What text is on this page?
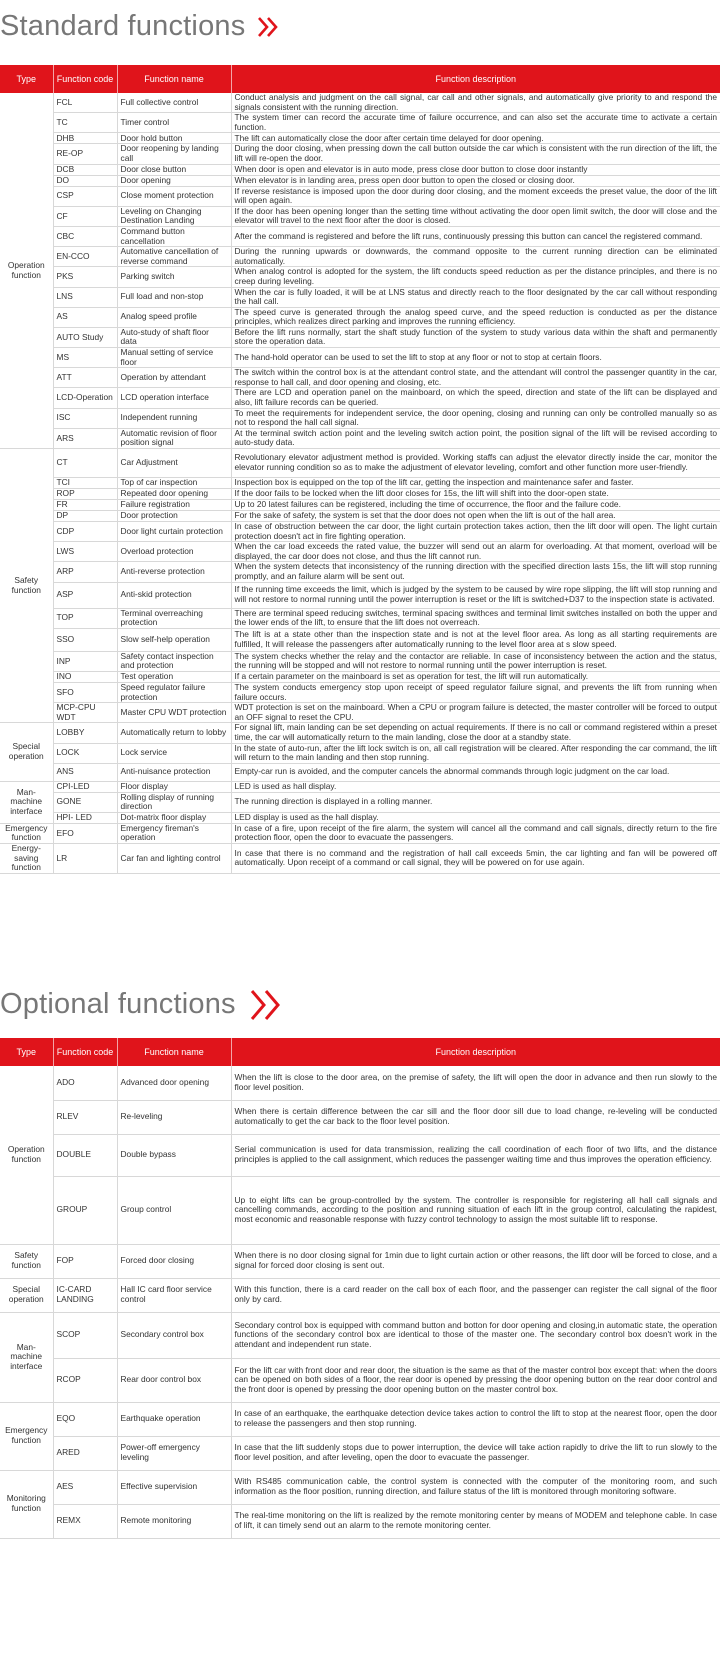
Standard functions
Type	Function code	Function name	Function description
Operation function	FCL	Full collective control	Conduct analysis and judgment on the call signal, car call and other signals, and automatically give priority to and respond the signals consistent with the running direction.
	TC	Timer control	The system timer can record the accurate time of failure occurrence, and can also set the accurate time to activate a certain function.
	DHB	Door hold button	The lift can automatically close the door after certain time delayed for door opening.
	RE-OP	Door reopening by landing call	During the door closing, when pressing down the call button outside the car which is consistent with the run direction of the lift, the lift will re-open the door.
	DCB	Door close button	When door is open and elevator is in auto mode, press close door button to close door instantly
	DO	Door opening	When elevator is in landing area, press open door button to open the closed or closing door.
	CSP	Close moment protection	If reverse resistance is imposed upon the door during door closing, and the moment exceeds the preset value, the door of the lift will open again.
	CF	Leveling on Changing Destination Landing	If the door has been opening longer than the setting time without activating the door open limit switch, the door will close and the elevator will travel to the next floor after the door is closed.
	CBC	Command button cancellation	After the command is registered and before the lift runs, continuously pressing this button can cancel the registered command.
	EN-CCO	Automative cancellation of reverse command	During the running upwards or downwards, the command opposite to the current running direction can be eliminated automatically.
	PKS	Parking switch	When analog control is adopted for the system, the lift conducts speed reduction as per the distance principles, and there is no creep during leveling.
	LNS	Full load and non-stop	When the car is fully loaded, it will be at LNS status and directly reach to the floor designated by the car call without responding the hall call.
	AS	Analog speed profile	The speed curve is generated through the analog speed curve, and the speed reduction is conducted as per the distance principles, which realizes direct parking and improves the running efficiency.
	AUTO Study	Auto-study of shaft floor data	Before the lift runs normally, start the shaft study function of the system to study various data within the shaft and permanently store the operation data.
	MS	Manual setting of service floor	The hand-hold operator can be used to set the lift to stop at any floor or not to stop at certain floors.
	ATT	Operation by attendant	The switch within the control box is at the attendant control state, and the attendant will control the passenger quantity in the car, response to hall call, and door opening and closing, etc.
	LCD-Operation	LCD operation interface	There are LCD and operation panel on the mainboard, on which the speed, direction and state of the lift can be displayed and also, lift failure records can be queried.
	ISC	Independent running	To meet the requirements for independent service, the door opening, closing and running can only be controlled manually so as not to respond the hall call signal.
	ARS	Automatic revision of floor position signal	At the terminal switch action point and the leveling switch action point, the position signal of the lift will be revised according to auto-study data.
Safety function	CT	Car Adjustment	Revolutionary elevator adjustment method is provided. Working staffs can adjust the elevator directly inside the car, monitor the elevator running condition so as to make the adjustment of elevator leveling, comfort and other function more user-friendly.
	TCI	Top of car inspection	Inspection box is equipped on the top of the lift car, getting the inspection and maintenance safer and faster.
	ROP	Repeated door opening	If the door fails to be locked when the lift door closes for 15s, the lift will shift into the door-open state.
	FR	Failure registration	Up to 20 latest failures can be registered, including the time of occurrence, the floor and the failure code.
	DP	Door protection	For the sake of safety, the system is set that the door does not open when the lift is out of the hall area.
	CDP	Door light curtain protection	In case of obstruction between the car door, the light curtain protection takes action, then the lift door will open. The light curtain protection doesn't act in fire fighting operation.
	LWS	Overload protection	When the car load exceeds the rated value, the buzzer will send out an alarm for overloading. At that moment, overload will be displayed, the car door does not close, and thus the lift cannot run.
	ARP	Anti-reverse protection	When the system detects that inconsistency of the running direction with the specified direction lasts 15s, the lift will stop running promptly, and an failure alarm will be sent out.
	ASP	Anti-skid protection	If the running time exceeds the limit, which is judged by the system to be caused by wire rope slipping, the lift will stop running and will not restore to normal running until the power interruption is reset or the lift is switched+D37 to the inspection state is activated.
	TOP	Terminal overreaching protection	There are terminal speed reducing switches, terminal spacing swithces and terminal limit switches installed on both the upper and the lower ends of the lift, to ensure that the lift does not overreach.
	SSO	Slow self-help operation	The lift is at a state other than the inspection state and is not at the level floor area. As long as all starting requirements are fulfilled, It will release the passengers after automatically running to the level floor area at s slow speed.
	INP	Safety contact inspection and protection	The system checks whether the relay and the contactor are reliable. In case of inconsistency between the action and the status, the running will be stopped and will not restore to normal running until the power interruption is reset.
	INO	Test operation	If a certain parameter on the mainboard is set as operation for test, the lift will run automatically.
	SFO	Speed regulator failure protection	The system conducts emergency stop upon receipt of speed regulator failure signal, and prevents the lift from running when failure occurs.
	MCP-CPU WDT	Master CPU WDT protection	WDT protection is set on the mainboard. When a CPU or program failure is detected, the master controller will be forced to output an OFF signal to reset the CPU.
Special operation	LOBBY	Automatically return to lobby	For signal lift, main landing can be set depending on actual requirements. If there is no call or command registered within a preset time, the car will automatically return to the main landing, close the door at a standby state.
	LOCK	Lock service	In the state of auto-run, after the lift lock switch is on, all call registration will be cleared. After responding the car command, the lift will return to the main landing and then stop running.
	ANS	Anti-nuisance protection	Empty-car run is avoided, and the computer cancels the abnormal commands through logic judgment on the car load.
Man-machine interface	CPI-LED	Floor display	LED is used as hall display.
	GONE	Rolling display of running direction	The running direction is displayed in a rolling manner.
	HPI- LED	Dot-matrix floor display	LED display is used as the hall display.
Emergency function	EFO	Emergency fireman's operation	In case of a fire, upon receipt of the fire alarm, the system will cancel all the command and call signals, directly return to the fire protection floor, open the door to evacuate the passengers.
Energy-saving function	LR	Car fan and lighting control	In case that there is no command and the registration of hall call exceeds 5min, the car lighting and fan will be powered off automatically. Upon receipt of a command or call signal, they will be powered on for use again.
Optional functions
Type	Function code	Function name	Function description
Operation function	ADO	Advanced door opening	When the lift is close to the door area, on the premise of safety, the lift will open the door in advance and then run slowly to the floor level position.
	RLEV	Re-leveling	When there is certain difference between the car sill and the floor door sill due to load change, re-leveling will be conducted automatically to get the car back to the floor level position.
	DOUBLE	Double bypass	Serial communication is used for data transmission, realizing the call coordination of each floor of two lifts, and the distance principles is applied to the call assignment, which reduces the passenger waiting time and thus improves the operation efficiency.
	GROUP	Group control	Up to eight lifts can be group-controlled by the system. The controller is responsible for registering all hall call signals and cancelling commands, according to the position and running situation of each lift in the group control, calculating the rapidest, most economic and reasonable response with fuzzy control technology to assign the most suitable lift to response.
Safety function	FOP	Forced door closing	When there is no door closing signal for 1min due to light curtain action or other reasons, the lift door will be forced to close, and a signal for forced door closing is sent out.
Special operation	IC-CARD LANDING	Hall IC card floor service control	With this function, there is a card reader on the call box of each floor, and the passenger can register the call signal of the floor only by card.
Man-machine interface	SCOP	Secondary control box	Secondary control box is equipped with command button and botton for door opening and closing,in automatic state, the operation functions of the secondary control box are identical to those of the master one. The secondary control box doesn't work in the attendant and independent run state.
	RCOP	Rear door control box	For the lift car with front door and rear door, the situation is the same as that of the master control box except that: when the doors can be opened on both sides of a floor, the rear door is opened by pressing the door opening button on the rear door control and the front door is opened by pressing the door opening button on the master control box.
Emergency function	EQO	Earthquake operation	In case of an earthquake, the earthquake detection device takes action to control the lift to stop at the nearest floor, open the door to release the passengers and then stop running.
	ARED	Power-off emergency leveling	In case that the lift suddenly stops due to power interruption, the device will take action rapidly to drive the lift to run slowly to the floor level position, and after leveling, open the door to evacuate the passenger.
Monitoring function	AES	Effective supervision	With RS485 communication cable, the control system is connected with the computer of the monitoring room, and such information as the floor position, running direction, and failure status of the lift is monitored through monitoring software.
	REMX	Remote monitoring	The real-time monitoring on the lift is realized by the remote monitoring center by means of MODEM and telephone cable. In case of lift, it can timely send out an alarm to the remote monitoring center.
